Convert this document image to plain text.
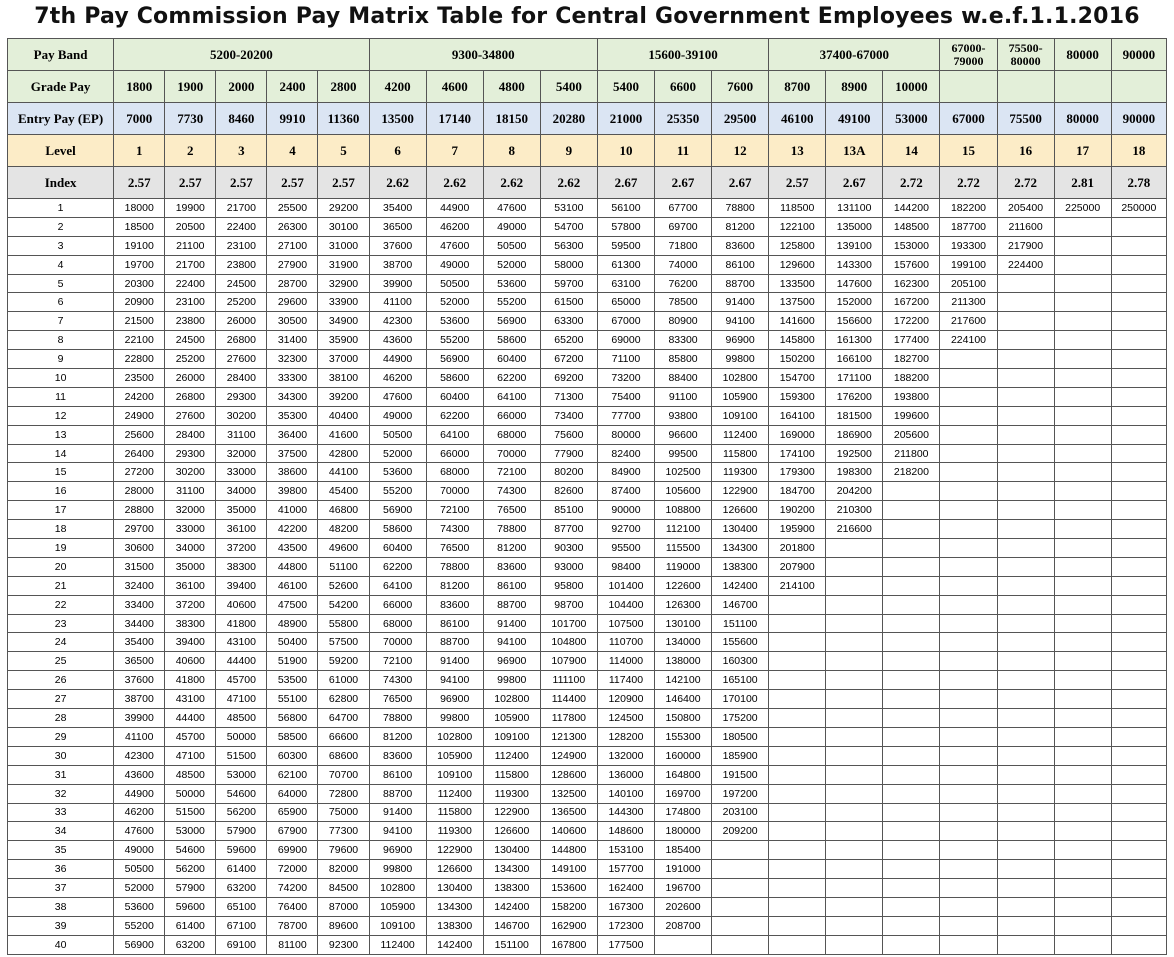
7th Pay Commission Pay Matrix Table for Central Government Employees w.e.f.1.1.2016
Pay Band	5200-20200					9300-34800				15600-39100			37400-67000			67000-79000	75500-80000	80000	90000
Grade Pay	1800	1900	2000	2400	2800	4200	4600	4800	5400	5400	6600	7600	8700	8900	10000				
Entry Pay (EP)	7000	7730	8460	9910	11360	13500	17140	18150	20280	21000	25350	29500	46100	49100	53000	67000	75500	80000	90000
Level	1	2	3	4	5	6	7	8	9	10	11	12	13	13A	14	15	16	17	18
Index	2.57	2.57	2.57	2.57	2.57	2.62	2.62	2.62	2.62	2.67	2.67	2.67	2.57	2.67	2.72	2.72	2.72	2.81	2.78
1	18000	19900	21700	25500	29200	35400	44900	47600	53100	56100	67700	78800	118500	131100	144200	182200	205400	225000	250000
2	18500	20500	22400	26300	30100	36500	46200	49000	54700	57800	69700	81200	122100	135000	148500	187700	211600		
3	19100	21100	23100	27100	31000	37600	47600	50500	56300	59500	71800	83600	125800	139100	153000	193300	217900		
4	19700	21700	23800	27900	31900	38700	49000	52000	58000	61300	74000	86100	129600	143300	157600	199100	224400		
5	20300	22400	24500	28700	32900	39900	50500	53600	59700	63100	76200	88700	133500	147600	162300	205100			
6	20900	23100	25200	29600	33900	41100	52000	55200	61500	65000	78500	91400	137500	152000	167200	211300			
7	21500	23800	26000	30500	34900	42300	53600	56900	63300	67000	80900	94100	141600	156600	172200	217600			
8	22100	24500	26800	31400	35900	43600	55200	58600	65200	69000	83300	96900	145800	161300	177400	224100			
9	22800	25200	27600	32300	37000	44900	56900	60400	67200	71100	85800	99800	150200	166100	182700				
10	23500	26000	28400	33300	38100	46200	58600	62200	69200	73200	88400	102800	154700	171100	188200				
11	24200	26800	29300	34300	39200	47600	60400	64100	71300	75400	91100	105900	159300	176200	193800				
12	24900	27600	30200	35300	40400	49000	62200	66000	73400	77700	93800	109100	164100	181500	199600				
13	25600	28400	31100	36400	41600	50500	64100	68000	75600	80000	96600	112400	169000	186900	205600				
14	26400	29300	32000	37500	42800	52000	66000	70000	77900	82400	99500	115800	174100	192500	211800				
15	27200	30200	33000	38600	44100	53600	68000	72100	80200	84900	102500	119300	179300	198300	218200				
16	28000	31100	34000	39800	45400	55200	70000	74300	82600	87400	105600	122900	184700	204200					
17	28800	32000	35000	41000	46800	56900	72100	76500	85100	90000	108800	126600	190200	210300					
18	29700	33000	36100	42200	48200	58600	74300	78800	87700	92700	112100	130400	195900	216600					
19	30600	34000	37200	43500	49600	60400	76500	81200	90300	95500	115500	134300	201800						
20	31500	35000	38300	44800	51100	62200	78800	83600	93000	98400	119000	138300	207900						
21	32400	36100	39400	46100	52600	64100	81200	86100	95800	101400	122600	142400	214100						
22	33400	37200	40600	47500	54200	66000	83600	88700	98700	104400	126300	146700							
23	34400	38300	41800	48900	55800	68000	86100	91400	101700	107500	130100	151100							
24	35400	39400	43100	50400	57500	70000	88700	94100	104800	110700	134000	155600							
25	36500	40600	44400	51900	59200	72100	91400	96900	107900	114000	138000	160300							
26	37600	41800	45700	53500	61000	74300	94100	99800	111100	117400	142100	165100							
27	38700	43100	47100	55100	62800	76500	96900	102800	114400	120900	146400	170100							
28	39900	44400	48500	56800	64700	78800	99800	105900	117800	124500	150800	175200							
29	41100	45700	50000	58500	66600	81200	102800	109100	121300	128200	155300	180500							
30	42300	47100	51500	60300	68600	83600	105900	112400	124900	132000	160000	185900							
31	43600	48500	53000	62100	70700	86100	109100	115800	128600	136000	164800	191500							
32	44900	50000	54600	64000	72800	88700	112400	119300	132500	140100	169700	197200							
33	46200	51500	56200	65900	75000	91400	115800	122900	136500	144300	174800	203100							
34	47600	53000	57900	67900	77300	94100	119300	126600	140600	148600	180000	209200							
35	49000	54600	59600	69900	79600	96900	122900	130400	144800	153100	185400								
36	50500	56200	61400	72000	82000	99800	126600	134300	149100	157700	191000								
37	52000	57900	63200	74200	84500	102800	130400	138300	153600	162400	196700								
38	53600	59600	65100	76400	87000	105900	134300	142400	158200	167300	202600								
39	55200	61400	67100	78700	89600	109100	138300	146700	162900	172300	208700								
40	56900	63200	69100	81100	92300	112400	142400	151100	167800	177500									
